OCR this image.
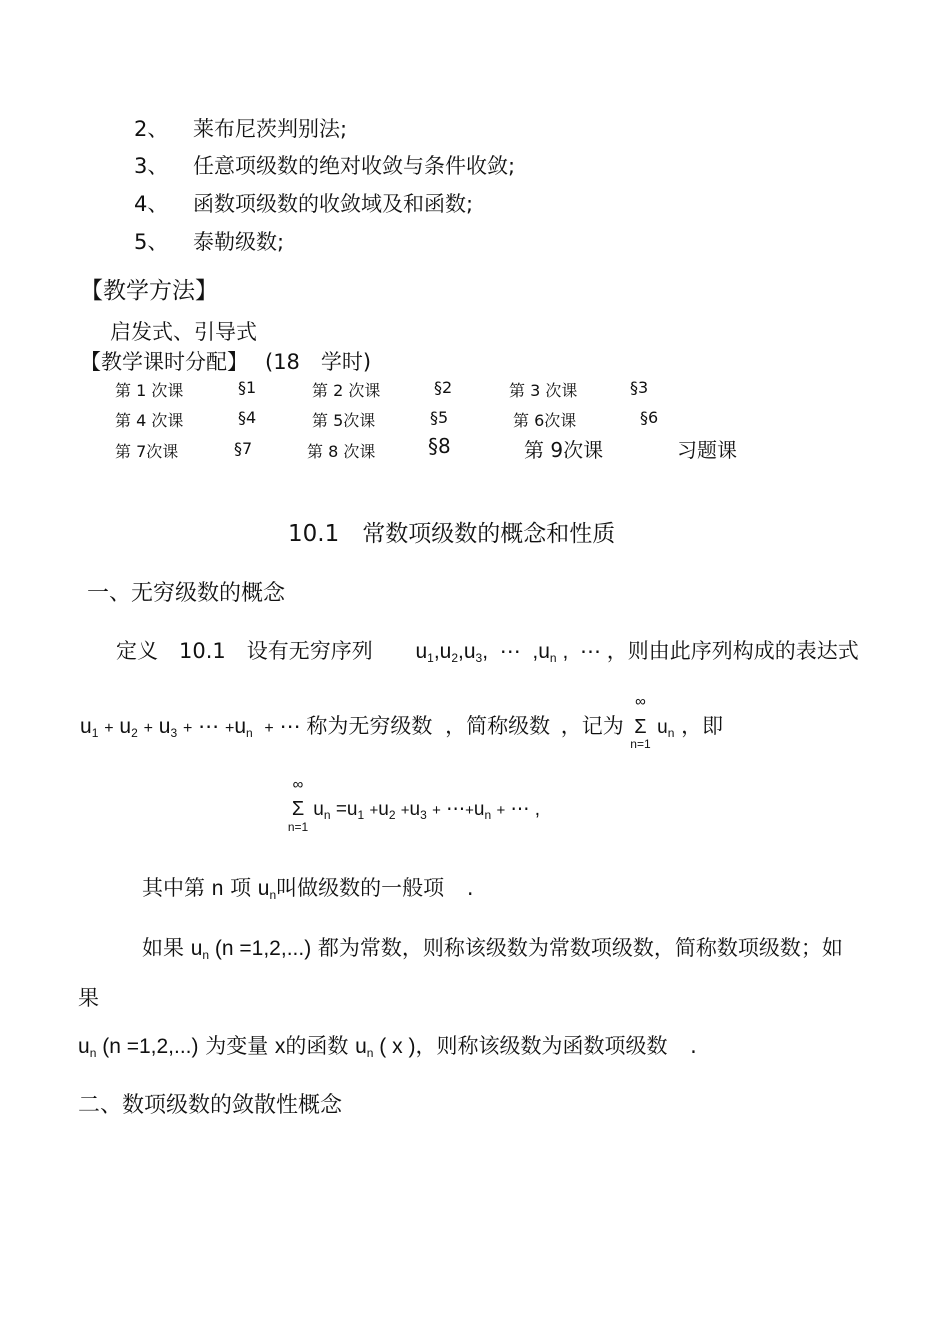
2、 莱布尼茨判别法;
3、 任意项级数的绝对收敛与条件收敛;
4、 函数项级数的收敛域及和函数;
5、 泰勒级数;
【教学方法】
启发式、引导式
【教学课时分配】 (18　学时)
第 1 次课	§1	第 2 次课	§2	第 3 次课	§3
第 4 次课	§4	第 5次课	§5	第 6次课	§6
第 7次课	§7	第 8 次课	§8	第 9次课	习题课
10.1　常数项级数的概念和性质
一、无穷级数的概念
定义　10.1　设有无穷序列 $u_1,u_2,u_3$,  ⋯  $,u_n$ ,  ⋯ ，则由此序列构成的表达式
$u_1 + u_2 + u_3$ + ⋯ $+u_n$ + ⋯ 称为无穷级数 ，简称级数 ，记为
∞
Σ
n=1
$u_n$ ，即
∞
Σ
n=1
$u_n =u_1 +u_2 +u_3$ + $\cdots+u_n$ + ⋯ ,
其中第 n 项 $u_n$叫做级数的一般项 .
如果 $u_n$ (n =1,2,...) 都为常数，则称该级数为常数项级数，简称数项级数；如
果
$u_n$ (n =1,2,...) 为变量 x的函数 $u_n$ ( x )，则称该级数为函数项级数 .
二、数项级数的敛散性概念
